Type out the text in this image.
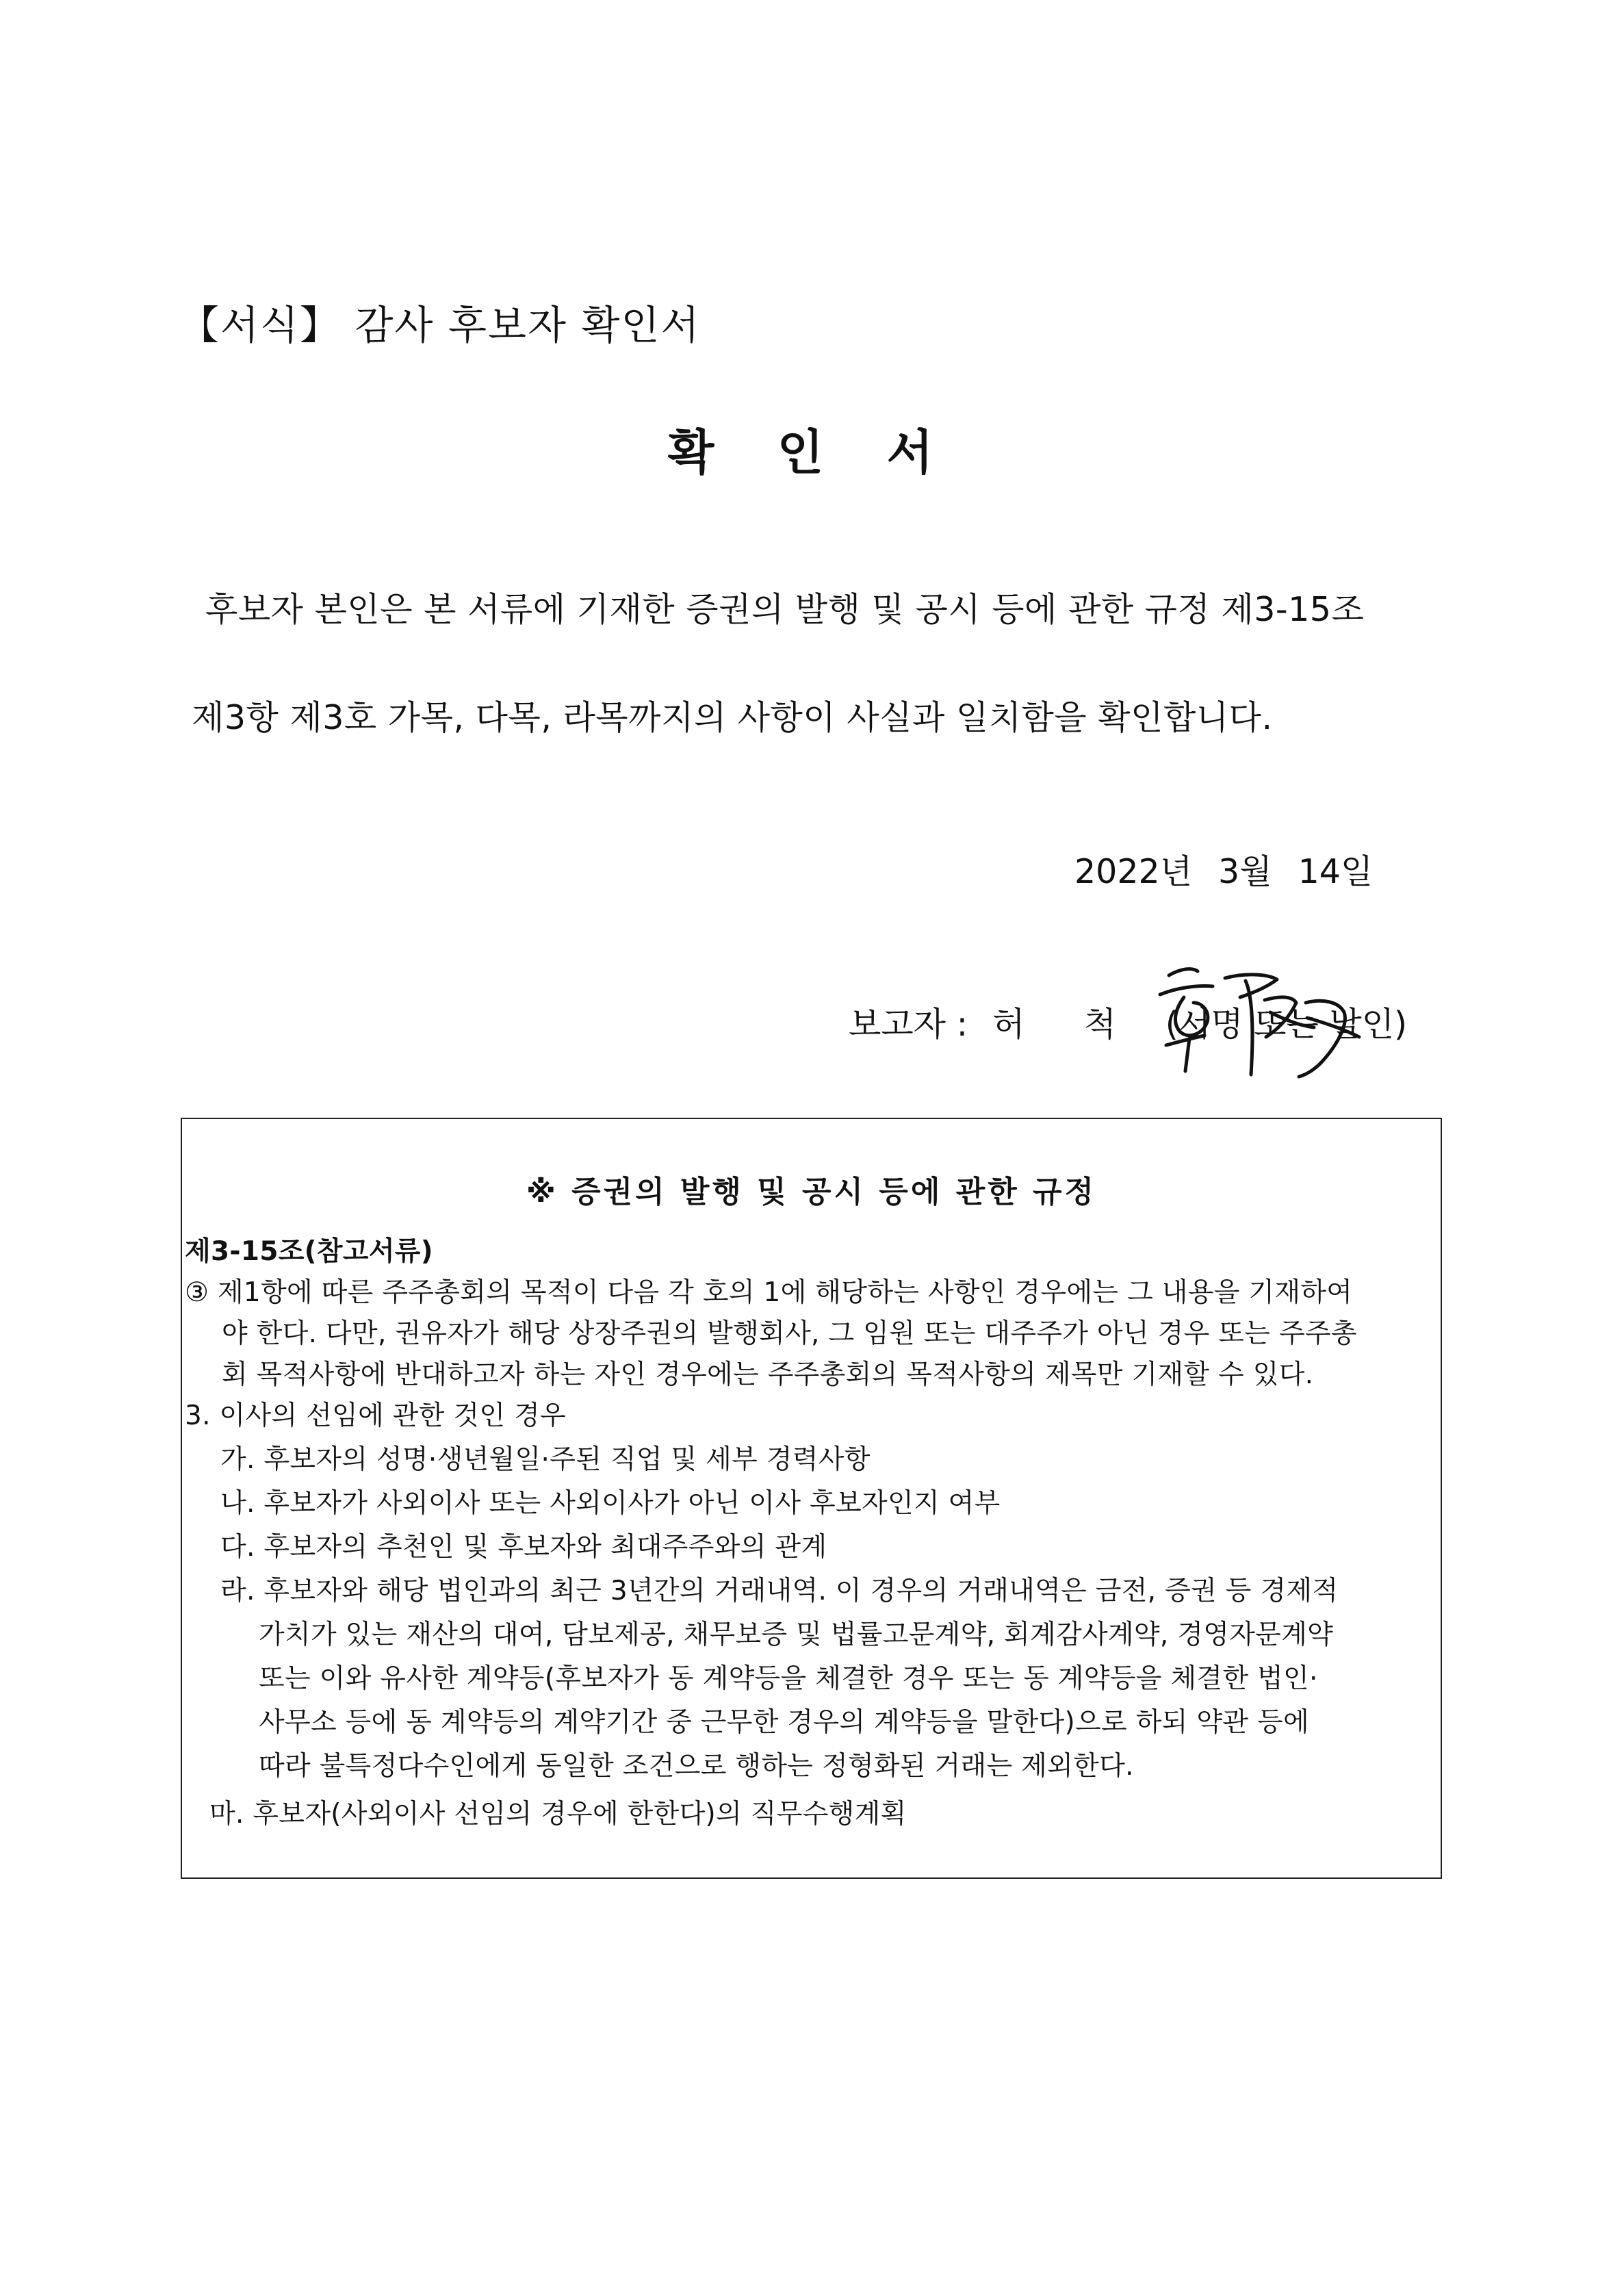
【서식】 감사 후보자 확인서
확 인 서
후보자 본인은 본 서류에 기재한 증권의 발행 및 공시 등에 관한 규정 제3-15조
제3항 제3호 가목, 다목, 라목까지의 사항이 사실과 일치함을 확인합니다.
2022년 3월 14일
보고자 : 허 척 (서명 또는 날인)
※ 증권의 발행 및 공시 등에 관한 규정
제3-15조(참고서류)
③ 제1항에 따른 주주총회의 목적이 다음 각 호의 1에 해당하는 사항인 경우에는 그 내용을 기재하여
야 한다. 다만, 권유자가 해당 상장주권의 발행회사, 그 임원 또는 대주주가 아닌 경우 또는 주주총
회 목적사항에 반대하고자 하는 자인 경우에는 주주총회의 목적사항의 제목만 기재할 수 있다.
3. 이사의 선임에 관한 것인 경우
가. 후보자의 성명·생년월일·주된 직업 및 세부 경력사항
나. 후보자가 사외이사 또는 사외이사가 아닌 이사 후보자인지 여부
다. 후보자의 추천인 및 후보자와 최대주주와의 관계
라. 후보자와 해당 법인과의 최근 3년간의 거래내역. 이 경우의 거래내역은 금전, 증권 등 경제적
가치가 있는 재산의 대여, 담보제공, 채무보증 및 법률고문계약, 회계감사계약, 경영자문계약
또는 이와 유사한 계약등(후보자가 동 계약등을 체결한 경우 또는 동 계약등을 체결한 법인·
사무소 등에 동 계약등의 계약기간 중 근무한 경우의 계약등을 말한다)으로 하되 약관 등에
따라 불특정다수인에게 동일한 조건으로 행하는 정형화된 거래는 제외한다.
마. 후보자(사외이사 선임의 경우에 한한다)의 직무수행계획
